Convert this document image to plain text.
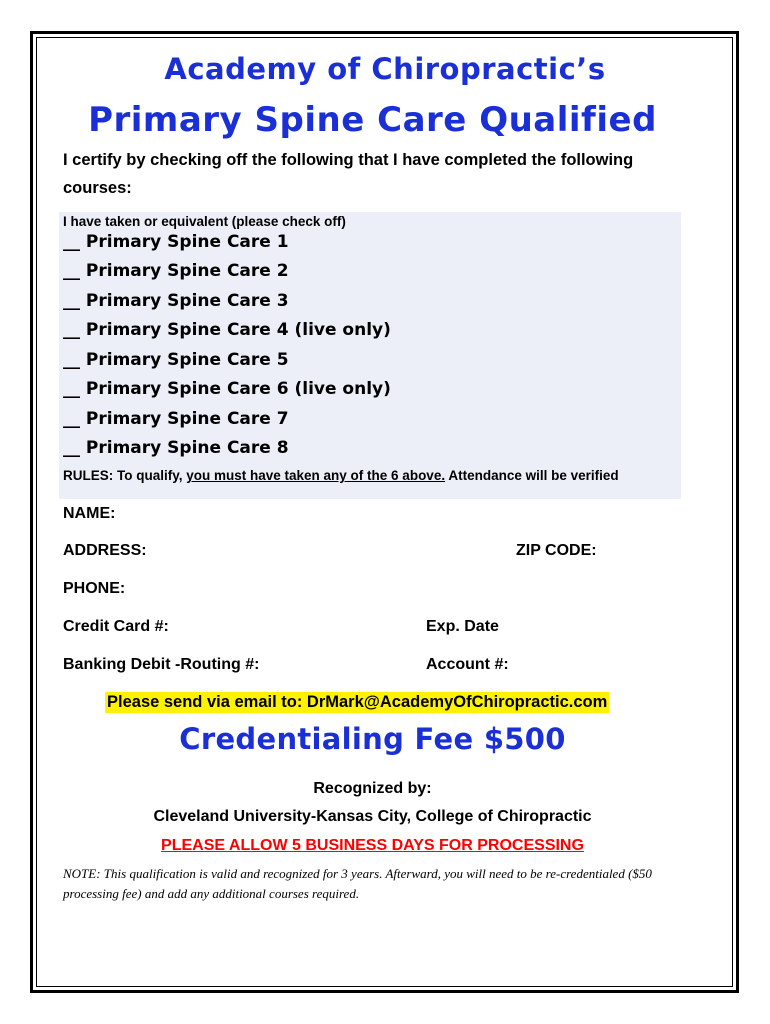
Academy of Chiropractic’s
Primary Spine Care Qualified
I certify by checking off the following that I have completed the following courses:
I have taken or equivalent (please check off)
__ Primary Spine Care 1
__ Primary Spine Care 2
__ Primary Spine Care 3
__ Primary Spine Care 4 (live only)
__ Primary Spine Care 5
__ Primary Spine Care 6 (live only)
__ Primary Spine Care 7
__ Primary Spine Care 8
RULES: To qualify, you must have taken any of the 6 above. Attendance will be verified
NAME:
ADDRESS:	ZIP CODE:
PHONE:
Credit Card #:	Exp. Date
Banking Debit -Routing #:	Account #:
Please send via email to: DrMark@AcademyOfChiropractic.com
Credentialing Fee $500
Recognized by:
Cleveland University-Kansas City, College of Chiropractic
PLEASE ALLOW 5 BUSINESS DAYS FOR PROCESSING
NOTE: This qualification is valid and recognized for 3 years. Afterward, you will need to be re-credentialed ($50 processing fee) and add any additional courses required.
